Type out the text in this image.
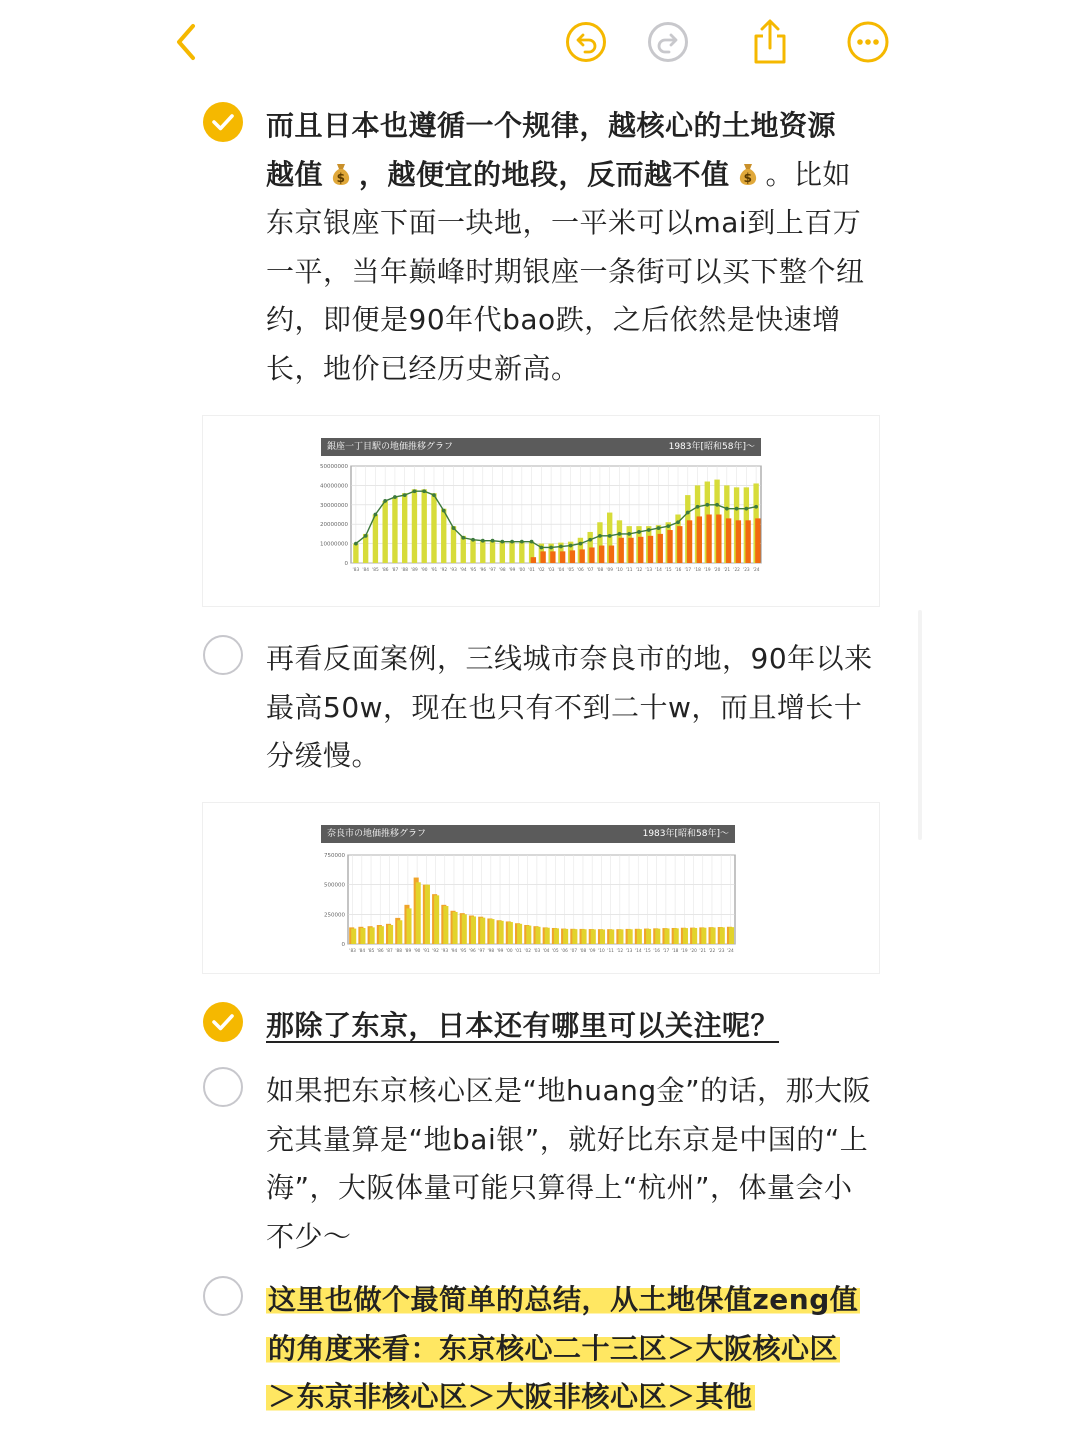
而且日本也遵循一个规律，越核心的土地资源
越值 $ ，越便宜的地段，反而越不值 $ 。比如东京银座下面一块地，一平米可以mai到上百万一平，当年巅峰时期银座一条街可以买下整个纽约，即便是90年代bao跌，之后依然是快速增长，地价已经历史新高。
銀座一丁目駅の地価推移グラフ	1983年[昭和58年]～
50000000
40000000
30000000
20000000
10000000
0
'83 '84 '85 '86 '87 '88 '89 '90 '91 '92 '93 '94 '95 '96 '97 '98 '99 '00 '01 '02 '03 '04 '05 '06 '07 '08 '09 '10 '11 '12 '13 '14 '15 '16 '17 '18 '19 '20 '21 '22 '23 '24
再看反面案例，三线城市奈良市的地，90年以来最高50w，现在也只有不到二十w，而且增长十分缓慢。
奈良市の地価推移グラフ	1983年[昭和58年]～
750000
500000
250000
0
'83 '84 '85 '86 '87 '88 '89 '90 '91 '92 '93 '94 '95 '96 '97 '98 '99 '00 '01 '02 '03 '04 '05 '06 '07 '08 '09 '10 '11 '12 '13 '14 '15 '16 '17 '18 '19 '20 '21 '22 '23 '24
那除了东京，日本还有哪里可以关注呢？
如果把东京核心区是“地huang金”的话，那大阪充其量算是“地bai银”，就好比东京是中国的“上海”，大阪体量可能只算得上“杭州”，体量会小不少～
这里也做个最简单的总结，从土地保值zeng值
的角度来看：东京核心二十三区＞大阪核心区
＞东京非核心区＞大阪非核心区＞其他
